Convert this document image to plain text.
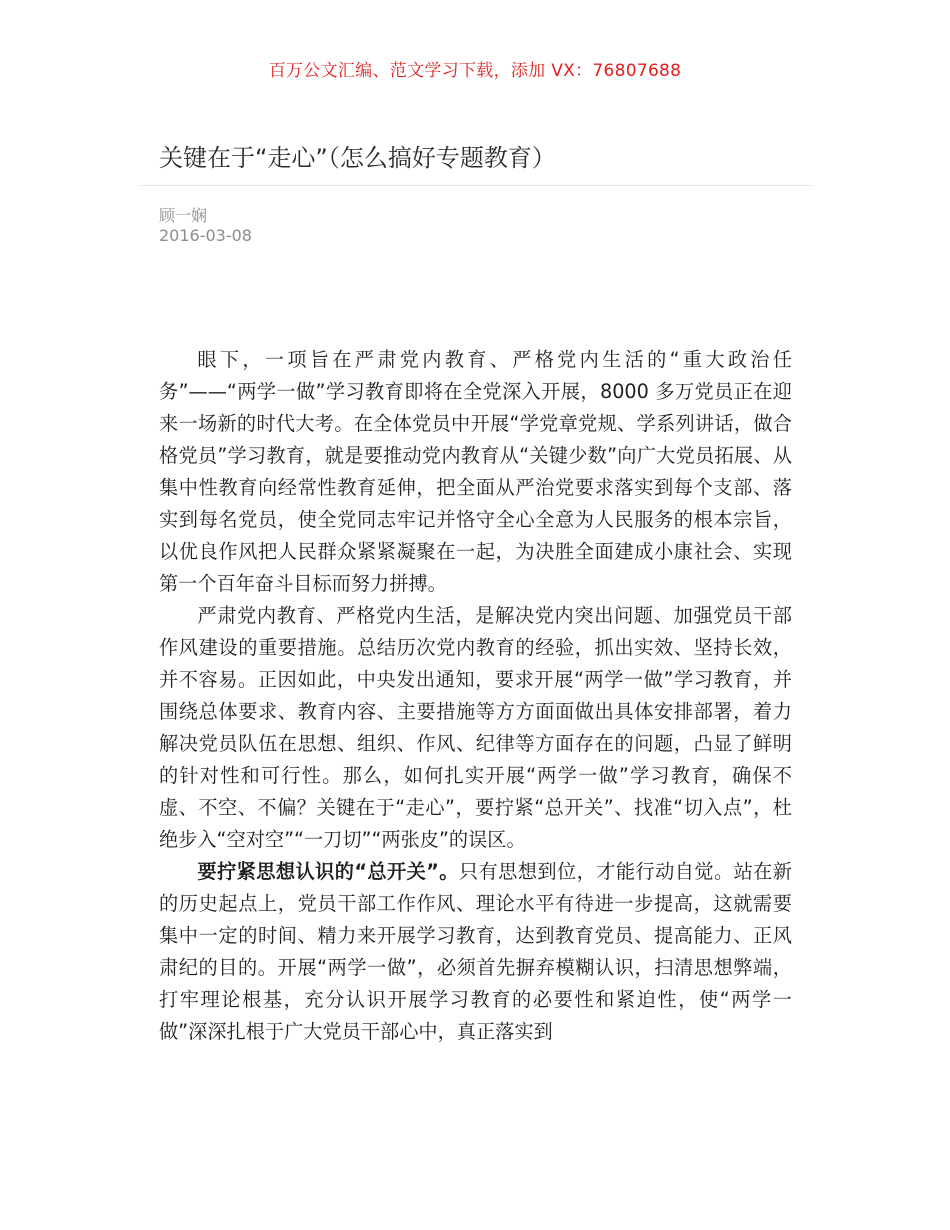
百万公文汇编、范文学习下载，添加 VX：76807688
关键在于“走心”（怎么搞好专题教育）
顾一娴
2016-03-08

眼下，一项旨在严肃党内教育、严格党内生活的“重大政治任务”——“两学一做”学习教育即将在全党深入开展，8000 多万党员正在迎来一场新的时代大考。在全体党员中开展“学党章党规、学系列讲话，做合格党员”学习教育，就是要推动党内教育从“关键少数”向广大党员拓展、从集中性教育向经常性教育延伸，把全面从严治党要求落实到每个支部、落实到每名党员，使全党同志牢记并恪守全心全意为人民服务的根本宗旨，以优良作风把人民群众紧紧凝聚在一起，为决胜全面建成小康社会、实现第一个百年奋斗目标而努力拼搏。

严肃党内教育、严格党内生活，是解决党内突出问题、加强党员干部作风建设的重要措施。总结历次党内教育的经验，抓出实效、坚持长效，并不容易。正因如此，中央发出通知，要求开展“两学一做”学习教育，并围绕总体要求、教育内容、主要措施等方方面面做出具体安排部署，着力解决党员队伍在思想、组织、作风、纪律等方面存在的问题，凸显了鲜明的针对性和可行性。那么，如何扎实开展“两学一做”学习教育，确保不虚、不空、不偏？关键在于“走心”，要拧紧“总开关”、找准“切入点”，杜绝步入“空对空”“一刀切”“两张皮”的误区。

要拧紧思想认识的“总开关”。只有思想到位，才能行动自觉。站在新的历史起点上，党员干部工作作风、理论水平有待进一步提高，这就需要集中一定的时间、精力来开展学习教育，达到教育党员、提高能力、正风肃纪的目的。开展“两学一做”，必须首先摒弃模糊认识，扫清思想弊端，打牢理论根基，充分认识开展学习教育的必要性和紧迫性，使“两学一做”深深扎根于广大党员干部心中，真正落实到
